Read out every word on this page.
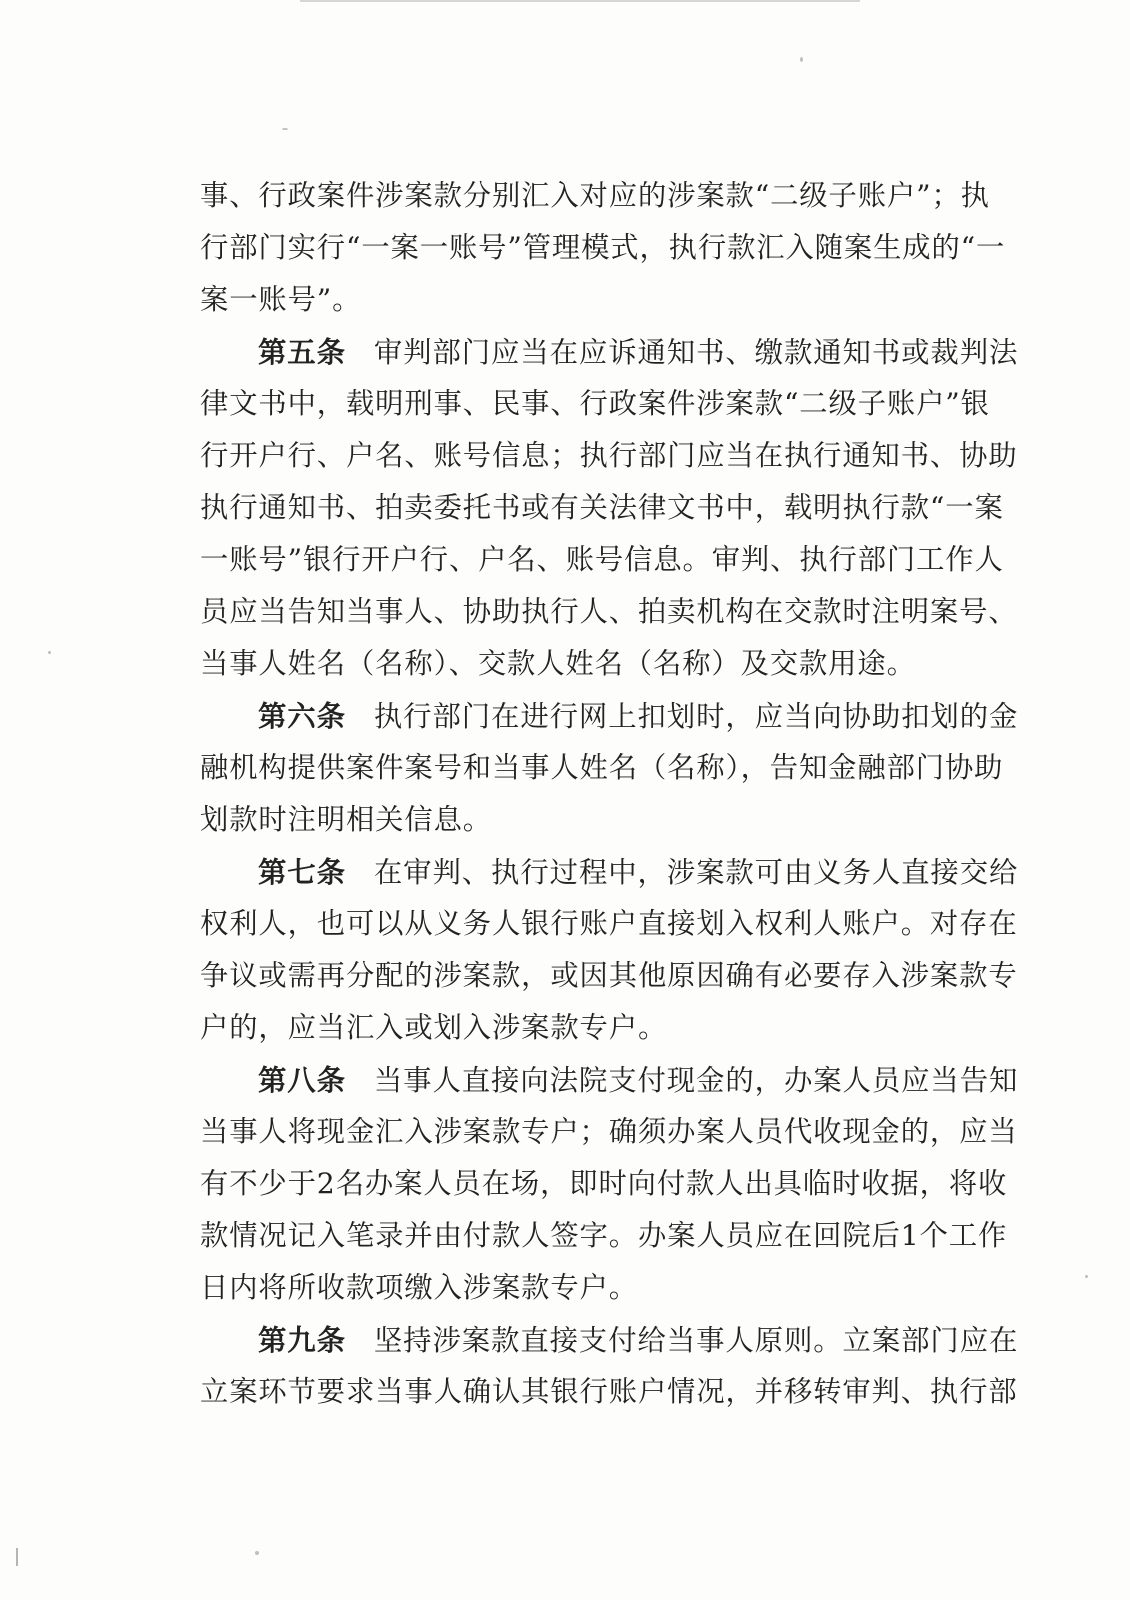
事、行政案件涉案款分别汇入对应的涉案款“二级子账户”；执
行部门实行“一案一账号”管理模式，执行款汇入随案生成的“一
案一账号”。
第五条 审判部门应当在应诉通知书、缴款通知书或裁判法
律文书中，载明刑事、民事、行政案件涉案款“二级子账户”银
行开户行、户名、账号信息；执行部门应当在执行通知书、协助
执行通知书、拍卖委托书或有关法律文书中，载明执行款“一案
一账号”银行开户行、户名、账号信息。审判、执行部门工作人
员应当告知当事人、协助执行人、拍卖机构在交款时注明案号、
当事人姓名（名称）、交款人姓名（名称）及交款用途。
第六条 执行部门在进行网上扣划时，应当向协助扣划的金
融机构提供案件案号和当事人姓名（名称），告知金融部门协助
划款时注明相关信息。
第七条 在审判、执行过程中，涉案款可由义务人直接交给
权利人，也可以从义务人银行账户直接划入权利人账户。对存在
争议或需再分配的涉案款，或因其他原因确有必要存入涉案款专
户的，应当汇入或划入涉案款专户。
第八条 当事人直接向法院支付现金的，办案人员应当告知
当事人将现金汇入涉案款专户；确须办案人员代收现金的，应当
有不少于2名办案人员在场，即时向付款人出具临时收据，将收
款情况记入笔录并由付款人签字。办案人员应在回院后1个工作
日内将所收款项缴入涉案款专户。
第九条 坚持涉案款直接支付给当事人原则。立案部门应在
立案环节要求当事人确认其银行账户情况，并移转审判、执行部
